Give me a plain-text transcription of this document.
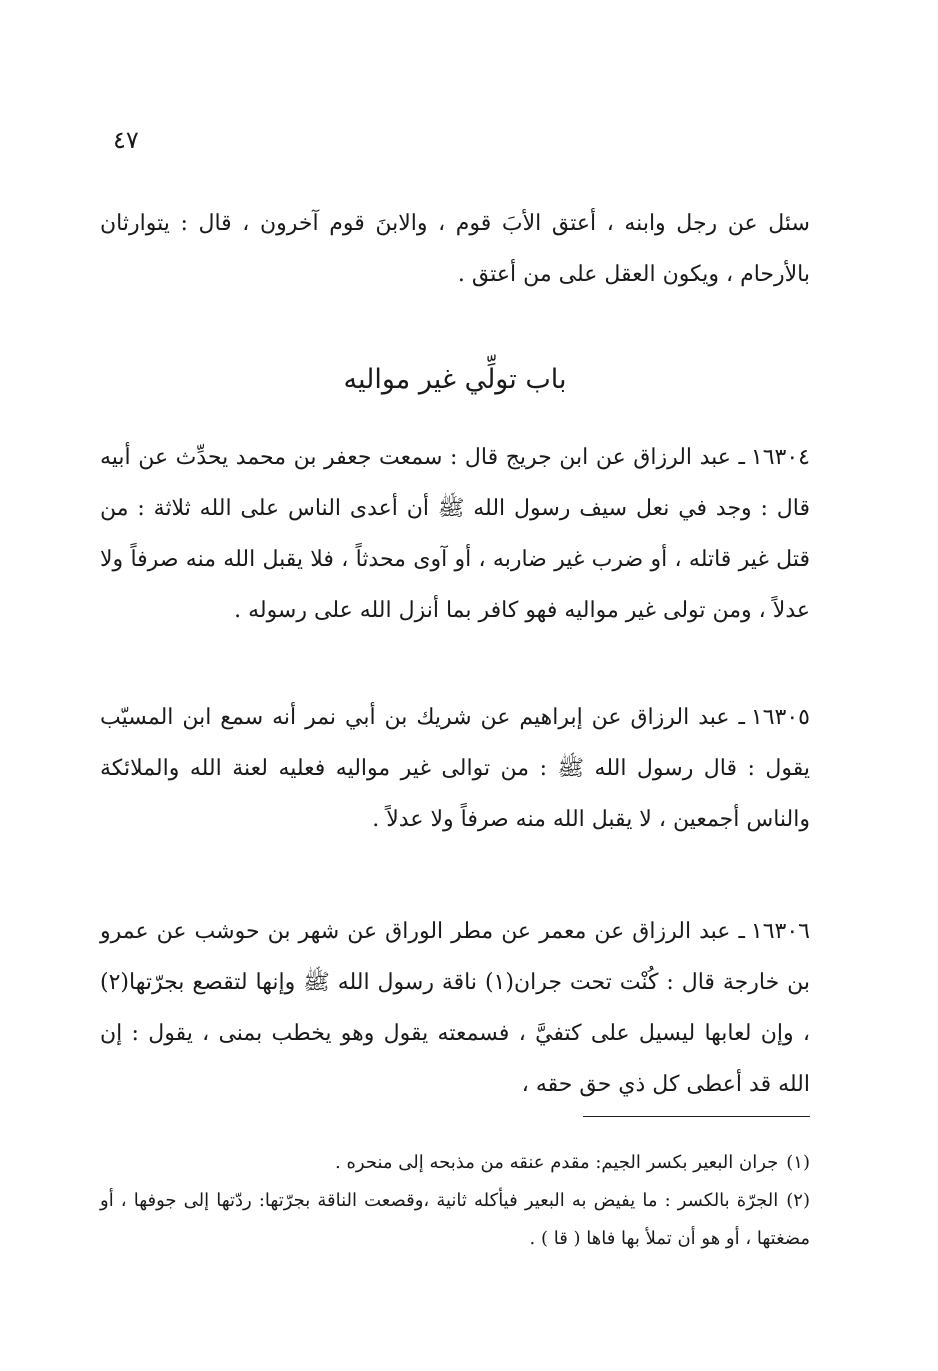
٤٧

سئل عن رجل وابنه ، أعتق الأبَ قوم ، والابنَ قوم آخرون ، قال : يتوارثان بالأرحام ، ويكون العقل على من أعتق .

باب تولِّي غير مواليه

١٦٣٠٤ـ عبد الرزاق عن ابن جريج قال : سمعت جعفر بن محمد يحدِّث عن أبيه قال : وجد في نعل سيف رسول الله ﷺ أن أعدى الناس على الله ثلاثة : من قتل غير قاتله ، أو ضرب غير ضاربه ، أو آوى محدثاً ، فلا يقبل الله منه صرفاً ولا عدلاً ، ومن تولى غير مواليه فهو كافر بما أنزل الله على رسوله .

١٦٣٠٥ـ عبد الرزاق عن إبراهيم عن شريك بن أبي نمر أنه سمع ابن المسيّب يقول : قال رسول الله ﷺ : من توالى غير مواليه فعليه لعنة الله والملائكة والناس أجمعين ، لا يقبل الله منه صرفاً ولا عدلاً .

١٦٣٠٦ـ عبد الرزاق عن معمر عن مطر الوراق عن شهر بن حوشب عن عمرو بن خارجة قال : كُنْت تحت جران(١) ناقة رسول الله ﷺ وإنها لتقصع بجرّتها(٢) ، وإن لعابها ليسيل على كتفيَّ ، فسمعته يقول وهو يخطب بمنى ، يقول : إن الله قد أعطى كل ذي حق حقه ،

(١)جران البعير بكسر الجيم: مقدم عنقه من مذبحه إلى منحره .

(٢)الجرّة بالكسر : ما يفيض به البعير فيأكله ثانية ،وقصعت الناقة بجرّتها: ردّتها إلى جوفها ، أو مضغتها ، أو هو أن تملأ بها فاها ( قا ) .
